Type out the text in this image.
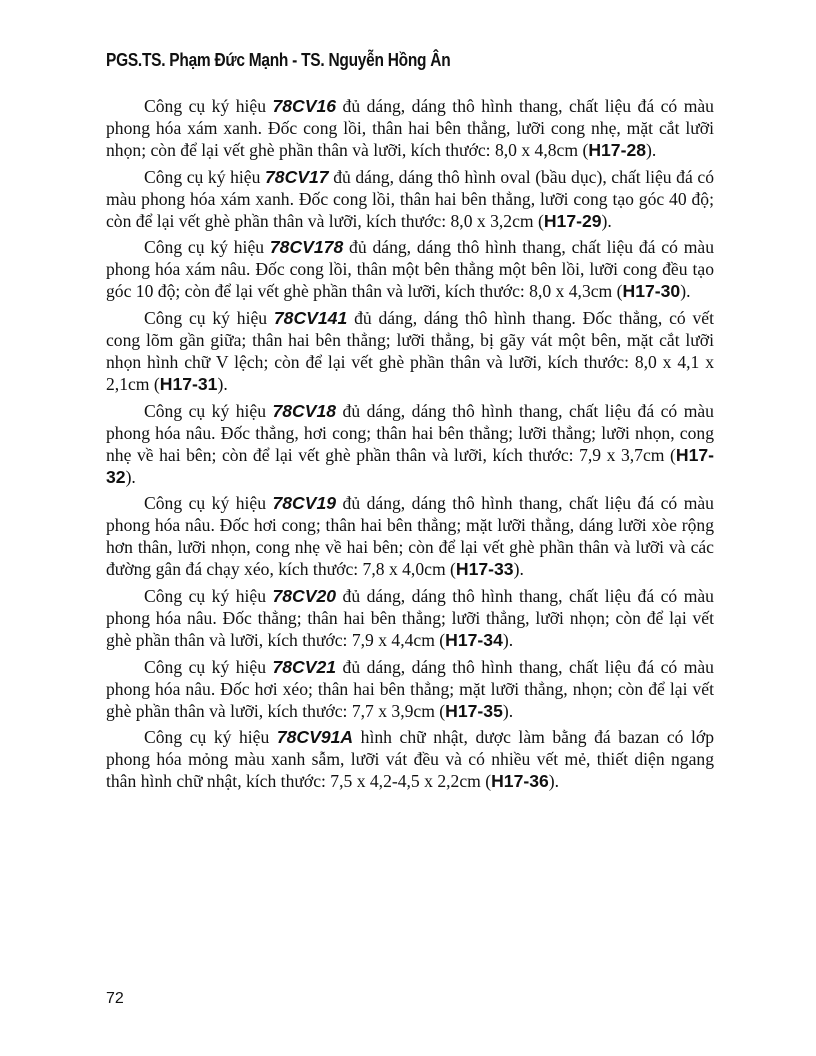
PGS.TS. Phạm Đức Mạnh - TS. Nguyễn Hồng Ân

Công cụ ký hiệu 78CV16 đủ dáng, dáng thô hình thang, chất liệu đá có màu phong hóa xám xanh. Đốc cong lồi, thân hai bên thẳng, lưỡi cong nhẹ, mặt cắt lưỡi nhọn; còn để lại vết ghè phần thân và lưỡi, kích thước: 8,0 x 4,8cm (H17-28).

Công cụ ký hiệu 78CV17 đủ dáng, dáng thô hình oval (bầu dục), chất liệu đá có màu phong hóa xám xanh. Đốc cong lồi, thân hai bên thẳng, lưỡi cong tạo góc 40 độ; còn để lại vết ghè phần thân và lưỡi, kích thước: 8,0 x 3,2cm (H17-29).

Công cụ ký hiệu 78CV178 đủ dáng, dáng thô hình thang, chất liệu đá có màu phong hóa xám nâu. Đốc cong lồi, thân một bên thẳng một bên lồi, lưỡi cong đều tạo góc 10 độ; còn để lại vết ghè phần thân và lưỡi, kích thước: 8,0 x 4,3cm (H17-30).

Công cụ ký hiệu 78CV141 đủ dáng, dáng thô hình thang. Đốc thẳng, có vết cong lõm gần giữa; thân hai bên thẳng; lưỡi thẳng, bị gãy vát một bên, mặt cắt lưỡi nhọn hình chữ V lệch; còn để lại vết ghè phần thân và lưỡi, kích thước: 8,0 x 4,1 x 2,1cm (H17-31).

Công cụ ký hiệu 78CV18 đủ dáng, dáng thô hình thang, chất liệu đá có màu phong hóa nâu. Đốc thẳng, hơi cong; thân hai bên thẳng; lưỡi thẳng; lưỡi nhọn, cong nhẹ về hai bên; còn để lại vết ghè phần thân và lưỡi, kích thước: 7,9 x 3,7cm (H17-32).

Công cụ ký hiệu 78CV19 đủ dáng, dáng thô hình thang, chất liệu đá có màu phong hóa nâu. Đốc hơi cong; thân hai bên thẳng; mặt lưỡi thẳng, dáng lưỡi xòe rộng hơn thân, lưỡi nhọn, cong nhẹ về hai bên; còn để lại vết ghè phần thân và lưỡi và các đường gân đá chạy xéo, kích thước: 7,8 x 4,0cm (H17-33).

Công cụ ký hiệu 78CV20 đủ dáng, dáng thô hình thang, chất liệu đá có màu phong hóa nâu. Đốc thẳng; thân hai bên thẳng; lưỡi thẳng, lưỡi nhọn; còn để lại vết ghè phần thân và lưỡi, kích thước: 7,9 x 4,4cm (H17-34).

Công cụ ký hiệu 78CV21 đủ dáng, dáng thô hình thang, chất liệu đá có màu phong hóa nâu. Đốc hơi xéo; thân hai bên thẳng; mặt lưỡi thẳng, nhọn; còn để lại vết ghè phần thân và lưỡi, kích thước: 7,7 x 3,9cm (H17-35).

Công cụ ký hiệu 78CV91A hình chữ nhật, dược làm bằng đá bazan có lớp phong hóa mỏng màu xanh sẫm, lưỡi vát đều và có nhiều vết mẻ, thiết diện ngang thân hình chữ nhật, kích thước: 7,5 x 4,2-4,5 x 2,2cm (H17-36).

72
